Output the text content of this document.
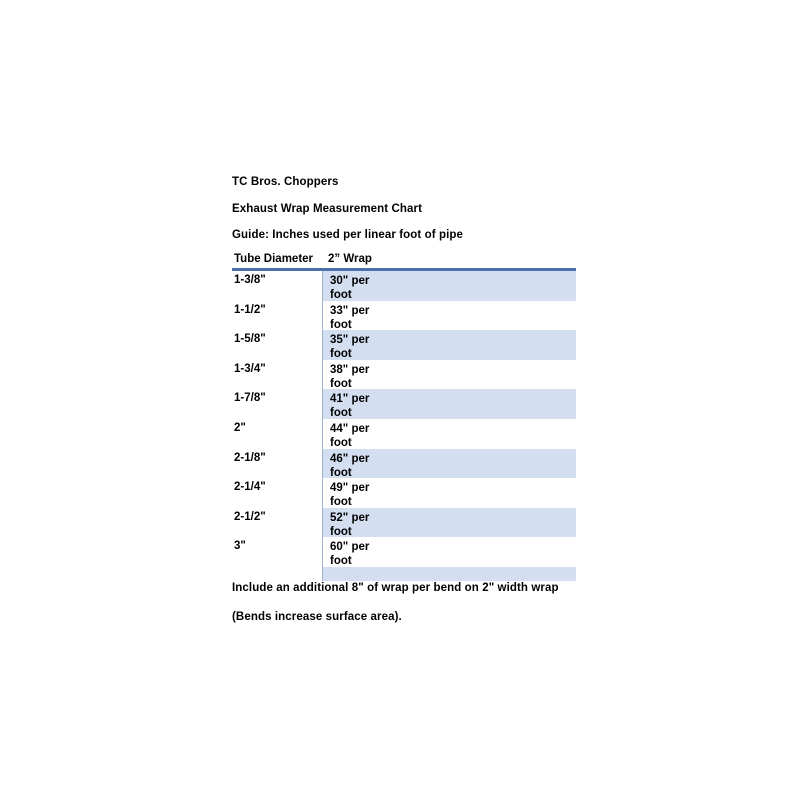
TC Bros. Choppers
Exhaust Wrap Measurement Chart
Guide: Inches used per linear foot of pipe
Tube Diameter 2” Wrap
1-3/8"	30" per foot
1-1/2"	33" per foot
1-5/8"	35" per foot
1-3/4"	38" per foot
1-7/8"	41" per foot
2"	44" per foot
2-1/8"	46" per foot
2-1/4"	49" per foot
2-1/2"	52" per foot
3"	60" per foot
Include an additional 8" of wrap per bend on 2" width wrap
(Bends increase surface area).
